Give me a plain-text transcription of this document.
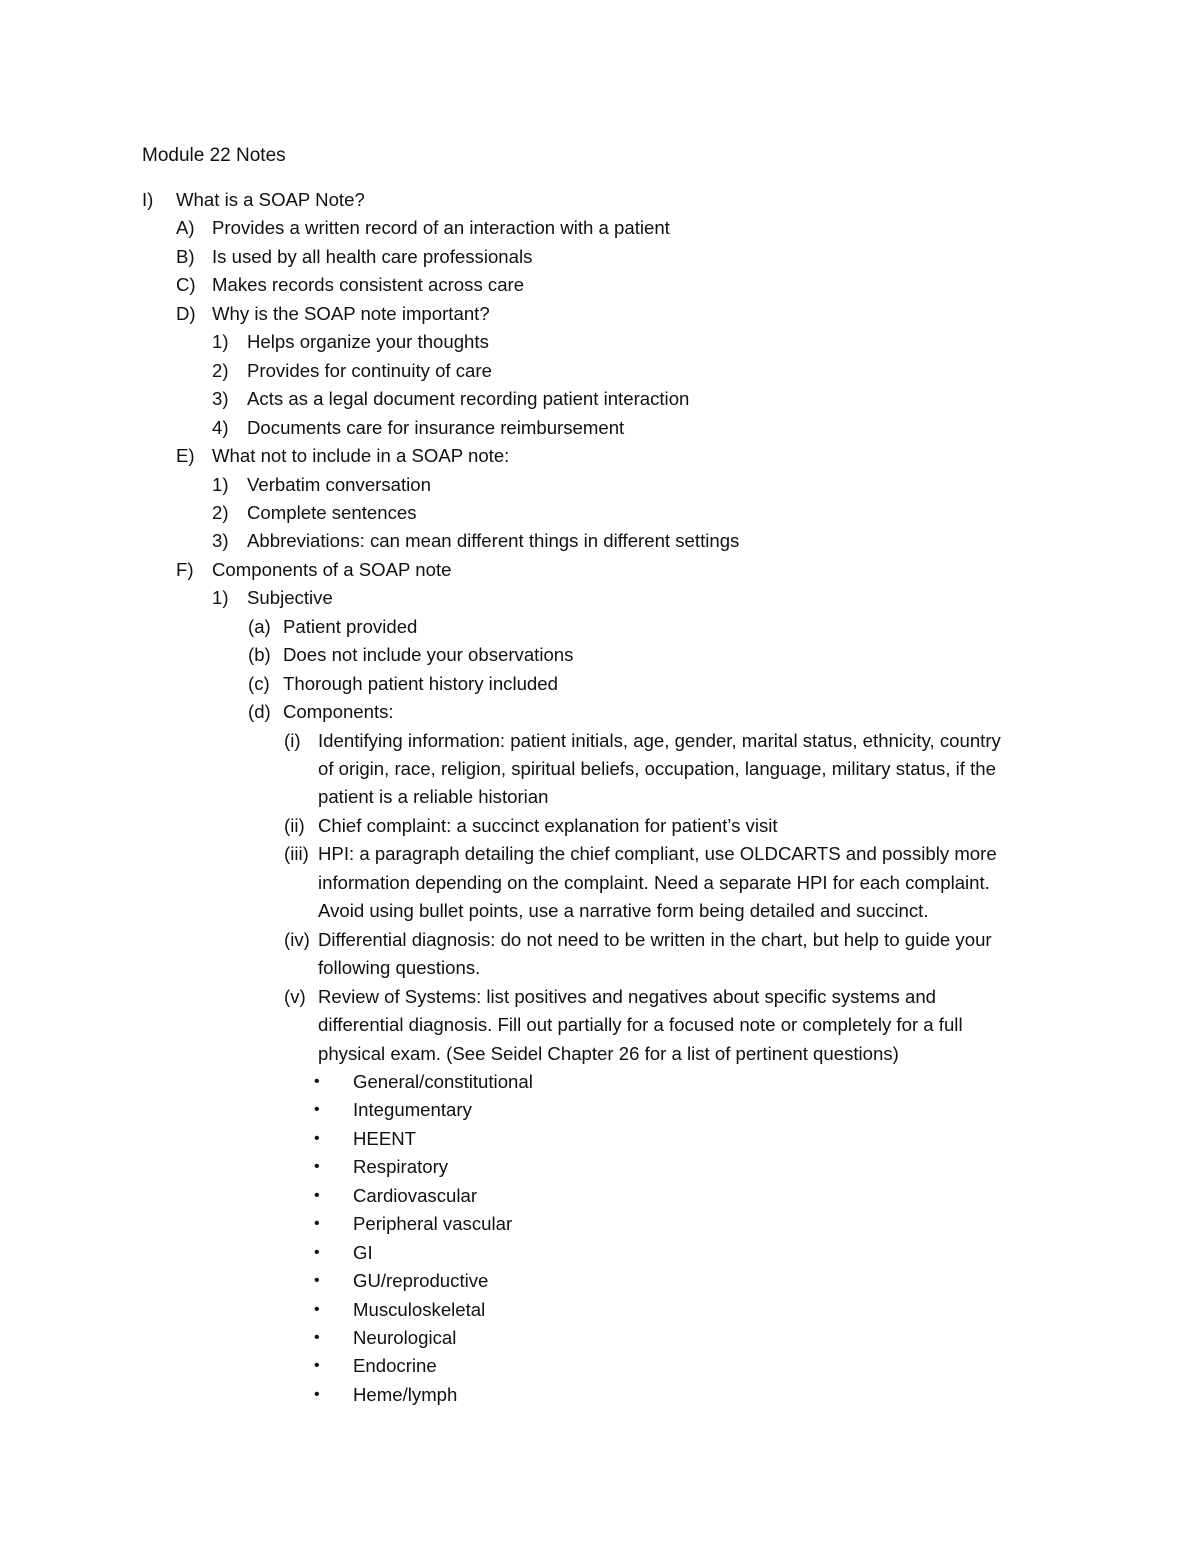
Module 22 Notes
I) What is a SOAP Note?
A) Provides a written record of an interaction with a patient
B) Is used by all health care professionals
C) Makes records consistent across care
D) Why is the SOAP note important?
1) Helps organize your thoughts
2) Provides for continuity of care
3) Acts as a legal document recording patient interaction
4) Documents care for insurance reimbursement
E) What not to include in a SOAP note:
1) Verbatim conversation
2) Complete sentences
3) Abbreviations: can mean different things in different settings
F) Components of a SOAP note
1) Subjective
(a) Patient provided
(b) Does not include your observations
(c) Thorough patient history included
(d) Components:
(i) Identifying information: patient initials, age, gender, marital status, ethnicity, country
of origin, race, religion, spiritual beliefs, occupation, language, military status, if the
patient is a reliable historian
(ii) Chief complaint: a succinct explanation for patient’s visit
(iii) HPI: a paragraph detailing the chief compliant, use OLDCARTS and possibly more
information depending on the complaint. Need a separate HPI for each complaint.
Avoid using bullet points, use a narrative form being detailed and succinct.
(iv) Differential diagnosis: do not need to be written in the chart, but help to guide your
following questions.
(v) Review of Systems: list positives and negatives about specific systems and
differential diagnosis. Fill out partially for a focused note or completely for a full
physical exam. (See Seidel Chapter 26 for a list of pertinent questions)
• General/constitutional
• Integumentary
• HEENT
• Respiratory
• Cardiovascular
• Peripheral vascular
• GI
• GU/reproductive
• Musculoskeletal
• Neurological
• Endocrine
• Heme/lymph
